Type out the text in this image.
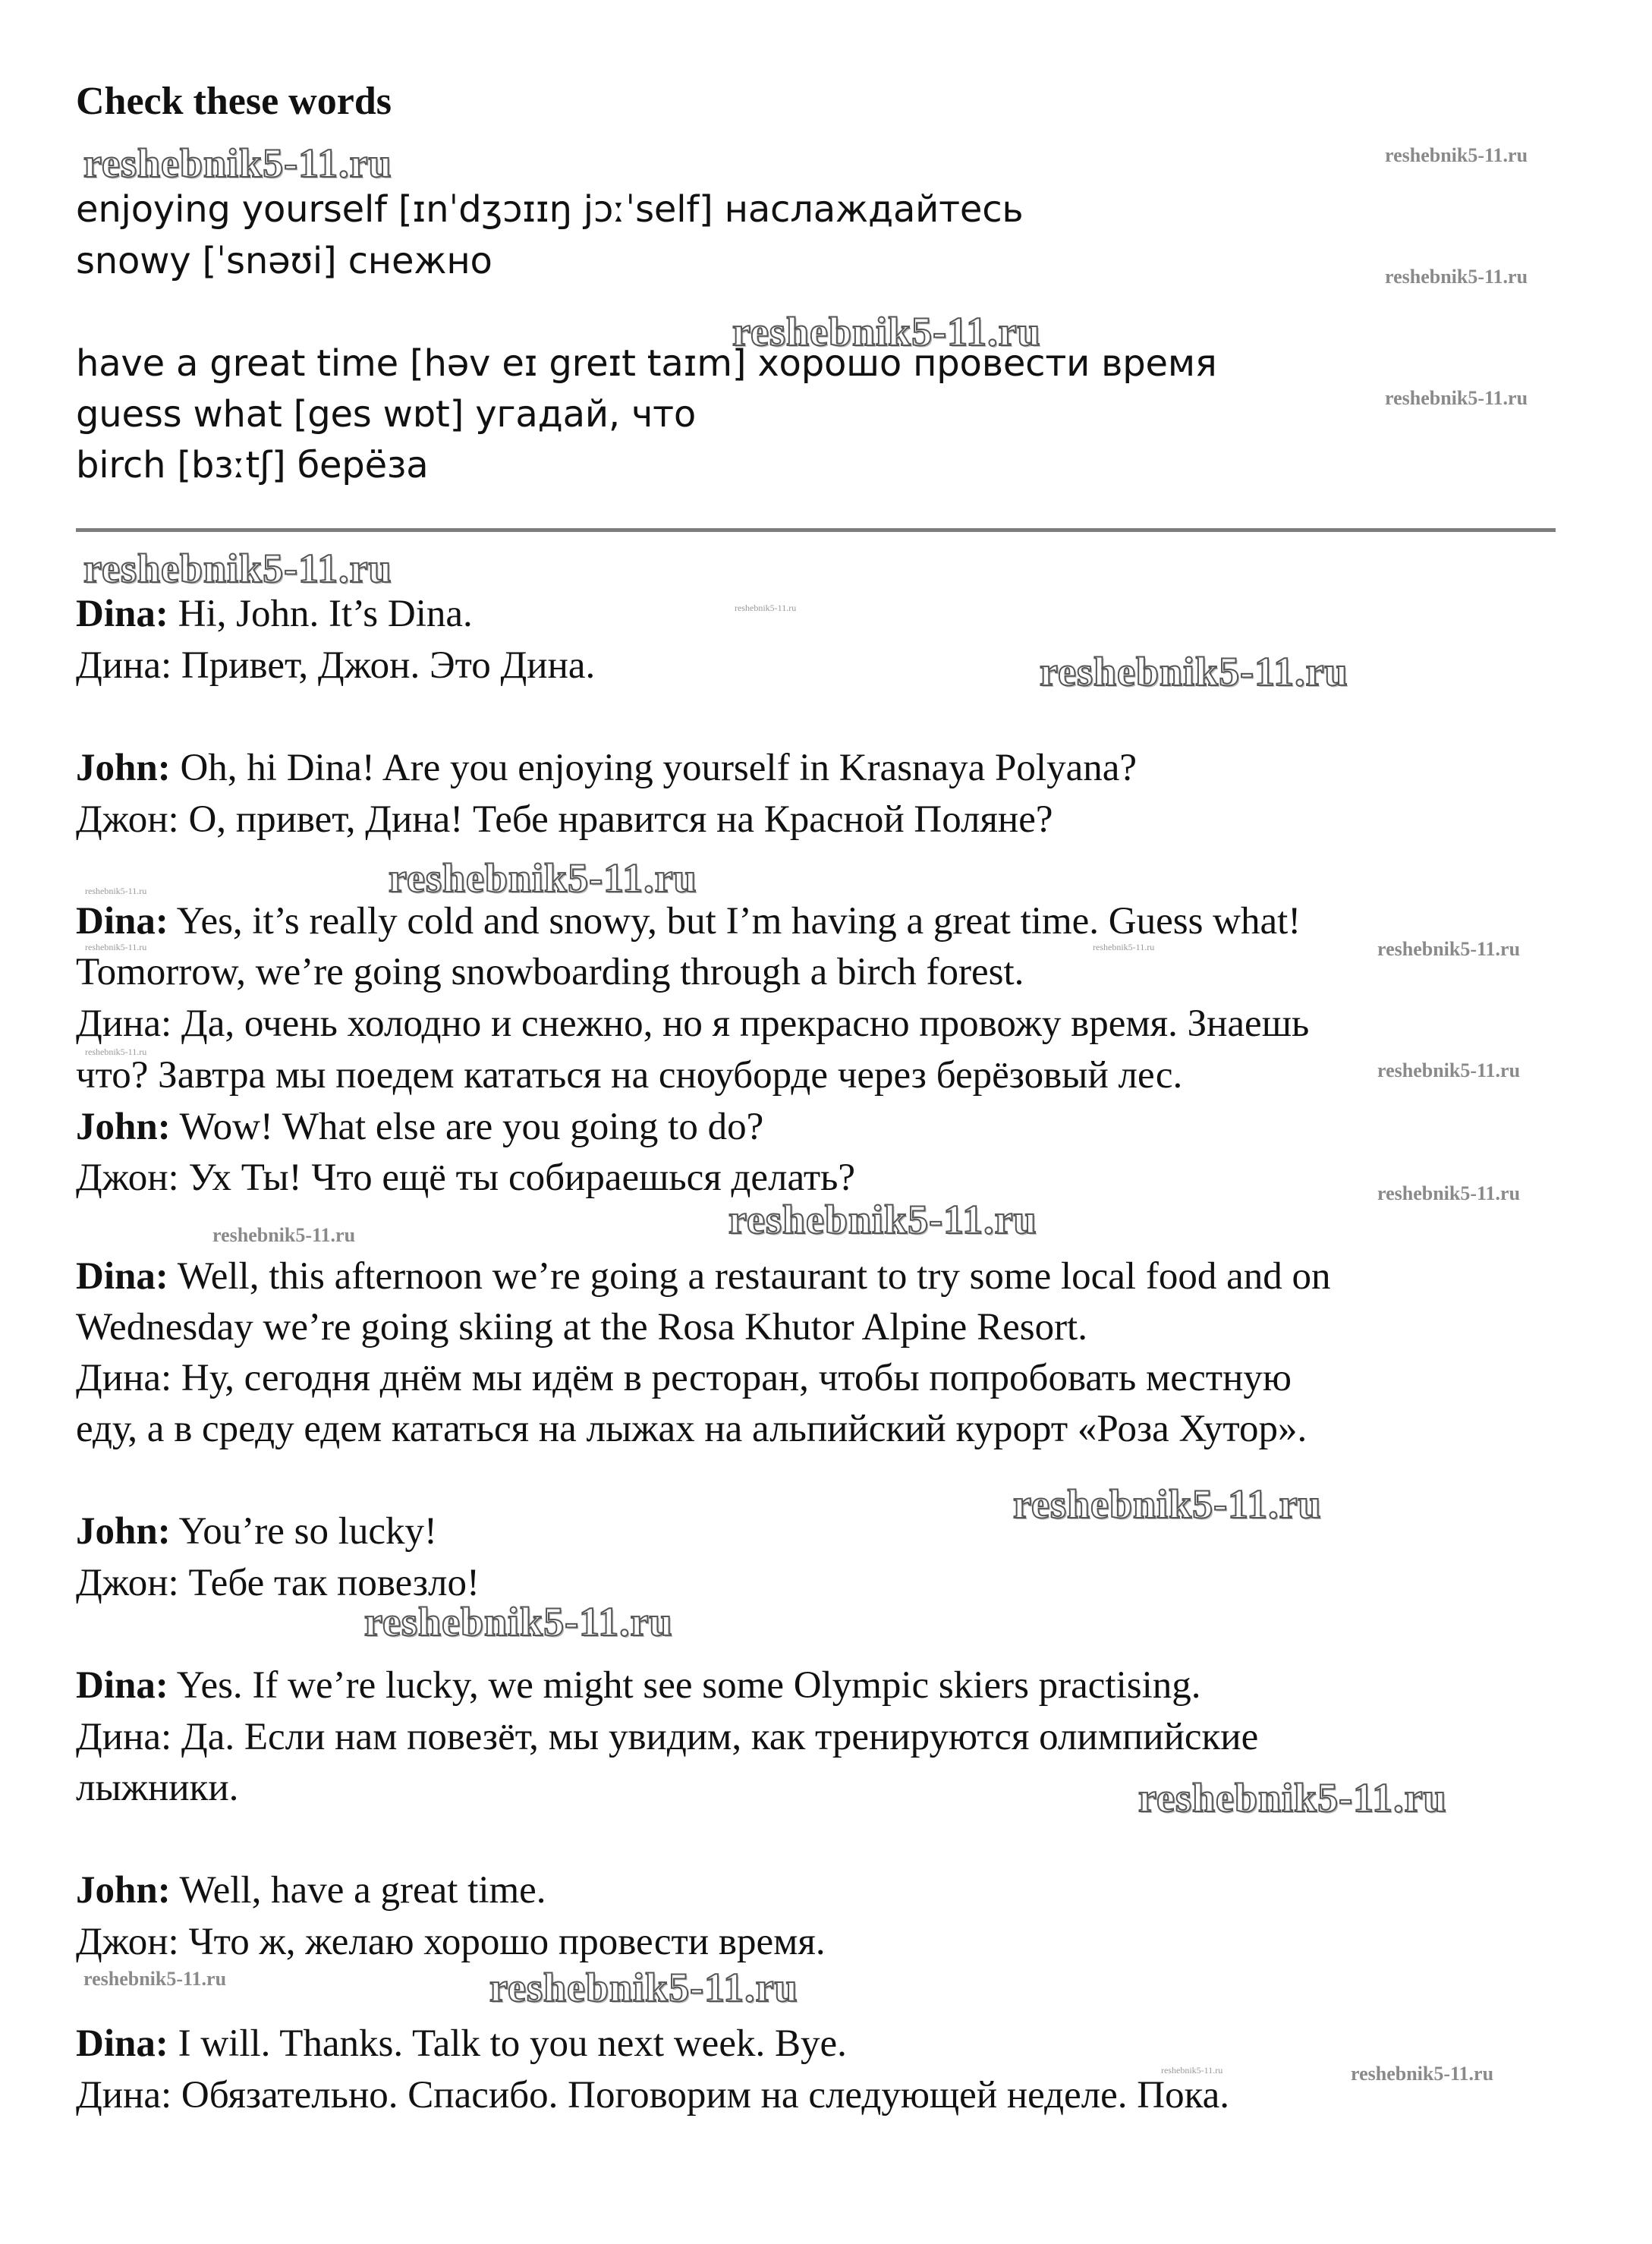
Check these words
enjoying yourself [ɪnˈdʒɔɪɪŋ jɔːˈself] наслаждайтесь
snowy [ˈsnəʊi] снежно
have a great time [həv eɪ greɪt taɪm] хорошо провести время
guess what [ges wɒt] угадай, что
birch [bɜːtʃ] берёза
Dina: Hi, John. It’s Dina.
Дина: Привет, Джон. Это Дина.
John: Oh, hi Dina! Are you enjoying yourself in Krasnaya Polyana?
Джон: О, привет, Дина! Тебе нравится на Красной Поляне?
Dina: Yes, it’s really cold and snowy, but I’m having a great time. Guess what!
Tomorrow, we’re going snowboarding through a birch forest.
Дина: Да, очень холодно и снежно, но я прекрасно провожу время. Знаешь
что? Завтра мы поедем кататься на сноуборде через берёзовый лес.
John: Wow! What else are you going to do?
Джон: Ух Ты! Что ещё ты собираешься делать?
Dina: Well, this afternoon we’re going a restaurant to try some local food and on
Wednesday we’re going skiing at the Rosa Khutor Alpine Resort.
Дина: Ну, сегодня днём мы идём в ресторан, чтобы попробовать местную
еду, а в среду едем кататься на лыжах на альпийский курорт «Роза Хутор».
John: You’re so lucky!
Джон: Тебе так повезло!
Dina: Yes. If we’re lucky, we might see some Olympic skiers practising.
Дина: Да. Если нам повезёт, мы увидим, как тренируются олимпийские
лыжники.
John: Well, have a great time.
Джон: Что ж, желаю хорошо провести время.
Dina: I will. Thanks. Talk to you next week. Bye.
Дина: Обязательно. Спасибо. Поговорим на следующей неделе. Пока.
reshebnik5-11.ru
reshebnik5-11.ru
reshebnik5-11.ru
reshebnik5-11.ru
reshebnik5-11.ru
reshebnik5-11.ru
reshebnik5-11.ru
reshebnik5-11.ru
reshebnik5-11.ru
reshebnik5-11.ru
reshebnik5-11.ru
reshebnik5-11.ru
reshebnik5-11.ru
reshebnik5-11.ru
reshebnik5-11.ru
reshebnik5-11.ru
reshebnik5-11.ru
reshebnik5-11.ru
reshebnik5-11.ru
reshebnik5-11.ru
reshebnik5-11.ru
reshebnik5-11.ru	reshebnik5-11.ru
reshebnik5-11.ru
reshebnik5-11.ru
